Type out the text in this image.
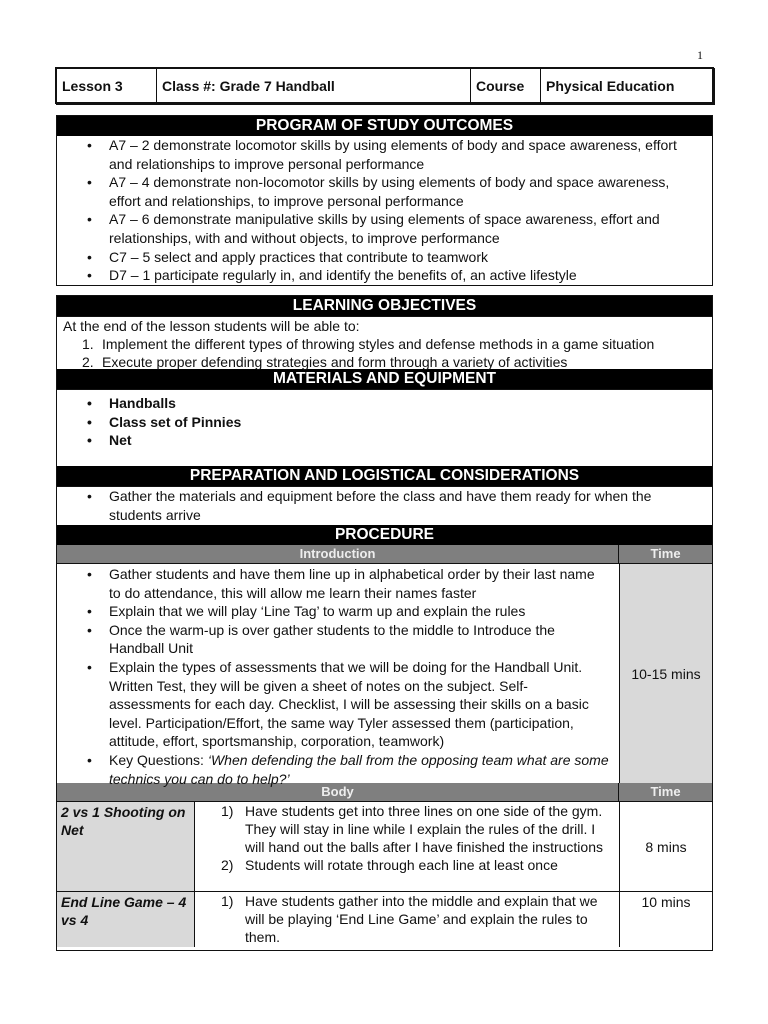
1
Lesson 3	Class #: Grade 7 Handball	Course	Physical Education
PROGRAM OF STUDY OUTCOMES
• A7 – 2 demonstrate locomotor skills by using elements of body and space awareness, effort and relationships to improve personal performance
• A7 – 4 demonstrate non-locomotor skills by using elements of body and space awareness, effort and relationships, to improve personal performance
• A7 – 6 demonstrate manipulative skills by using elements of space awareness, effort and relationships, with and without objects, to improve performance
• C7 – 5 select and apply practices that contribute to teamwork
• D7 – 1 participate regularly in, and identify the benefits of, an active lifestyle
LEARNING OBJECTIVES
At the end of the lesson students will be able to:
1. Implement the different types of throwing styles and defense methods in a game situation
2. Execute proper defending strategies and form through a variety of activities
MATERIALS AND EQUIPMENT
• Handballs
• Class set of Pinnies
• Net
PREPARATION AND LOGISTICAL CONSIDERATIONS
• Gather the materials and equipment before the class and have them ready for when the students arrive
PROCEDURE
Introduction	Time
• Gather students and have them line up in alphabetical order by their last name to do attendance, this will allow me learn their names faster
• Explain that we will play ‘Line Tag’ to warm up and explain the rules
• Once the warm-up is over gather students to the middle to Introduce the Handball Unit
• Explain the types of assessments that we will be doing for the Handball Unit. Written Test, they will be given a sheet of notes on the subject. Self-assessments for each day. Checklist, I will be assessing their skills on a basic level. Participation/Effort, the same way Tyler assessed them (participation, attitude, effort, sportsmanship, corporation, teamwork)
• Key Questions: ‘When defending the ball from the opposing team what are some technics you can do to help?’
10-15 mins
Body	Time
2 vs 1 Shooting on Net
1) Have students get into three lines on one side of the gym. They will stay in line while I explain the rules of the drill. I will hand out the balls after I have finished the instructions
2) Students will rotate through each line at least once
8 mins
End Line Game – 4 vs 4
1) Have students gather into the middle and explain that we will be playing ‘End Line Game’ and explain the rules to them.
10 mins
